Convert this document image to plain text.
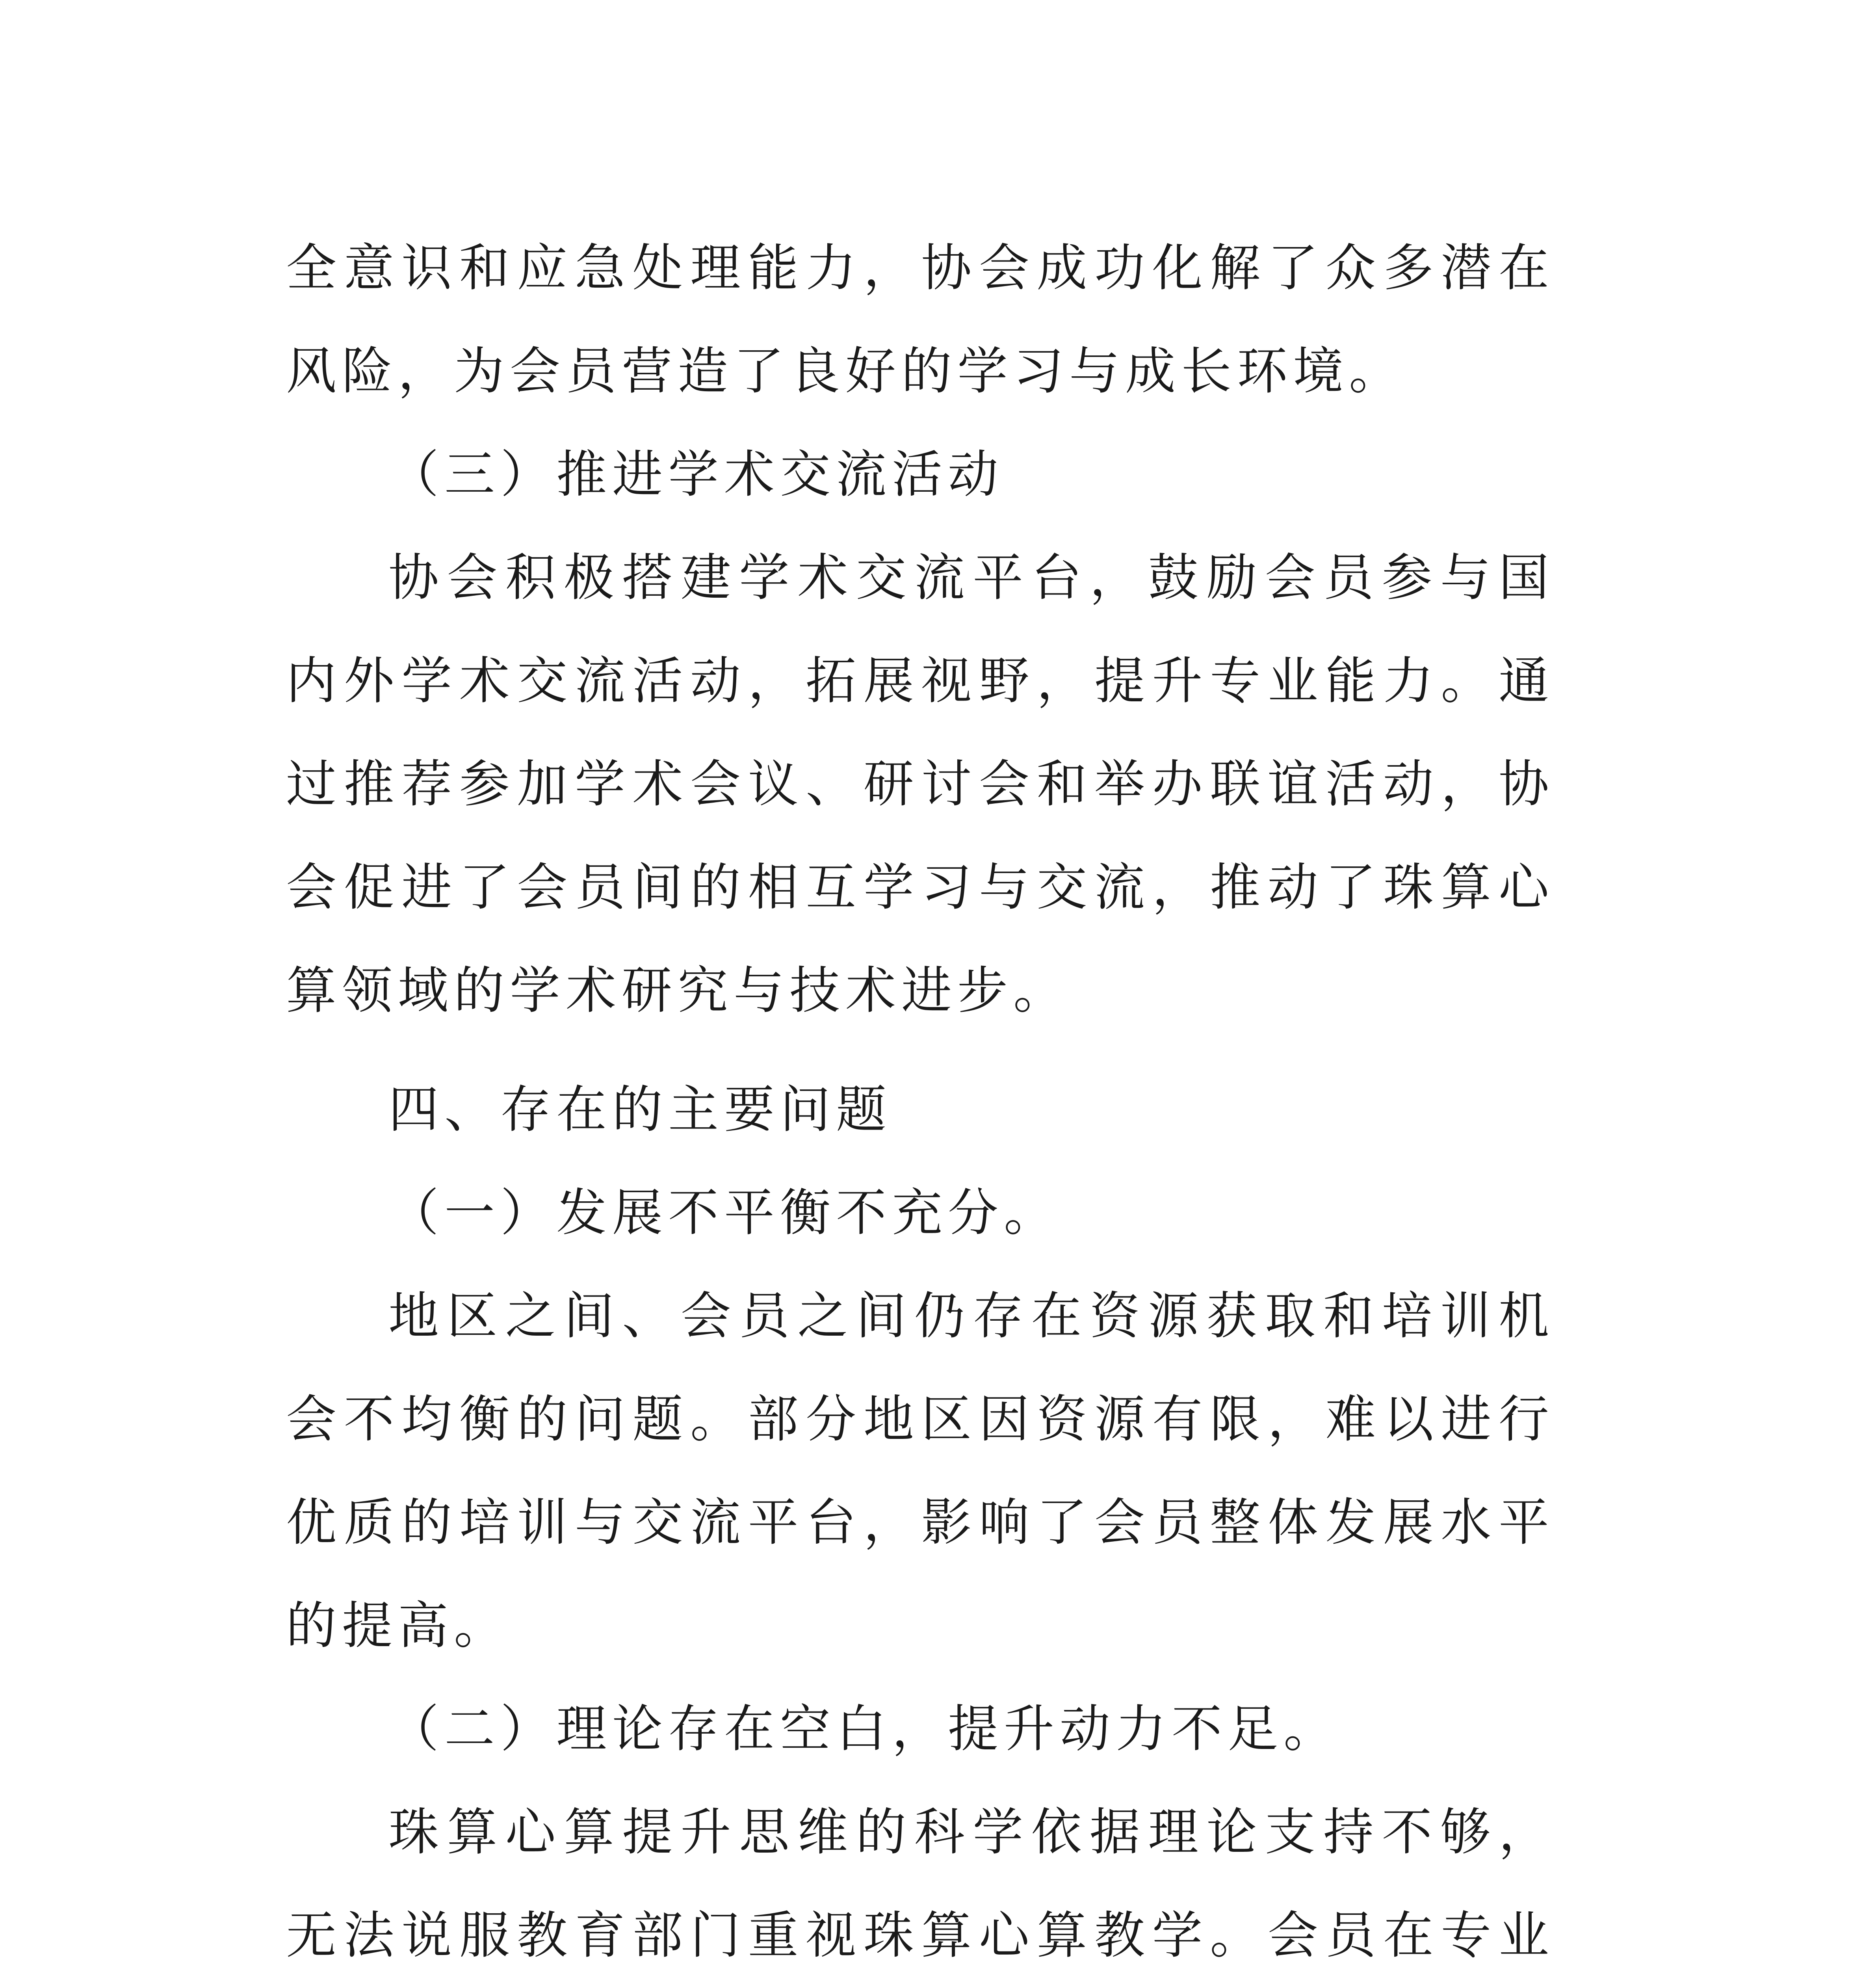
全意识和应急处理能力，协会成功化解了众多潜在风险，为会员营造了良好的学习与成长环境。

（三）推进学术交流活动

协会积极搭建学术交流平台，鼓励会员参与国内外学术交流活动，拓展视野，提升专业能力。通过推荐参加学术会议、研讨会和举办联谊活动，协会促进了会员间的相互学习与交流，推动了珠算心算领域的学术研究与技术进步。

四、存在的主要问题

（一）发展不平衡不充分。

地区之间、会员之间仍存在资源获取和培训机会不均衡的问题。部分地区因资源有限，难以进行优质的培训与交流平台，影响了会员整体发展水平的提高。

（二）理论存在空白，提升动力不足。

珠算心算提升思维的科学依据理论支持不够，无法说服教育部门重视珠算心算教学。会员在专业
